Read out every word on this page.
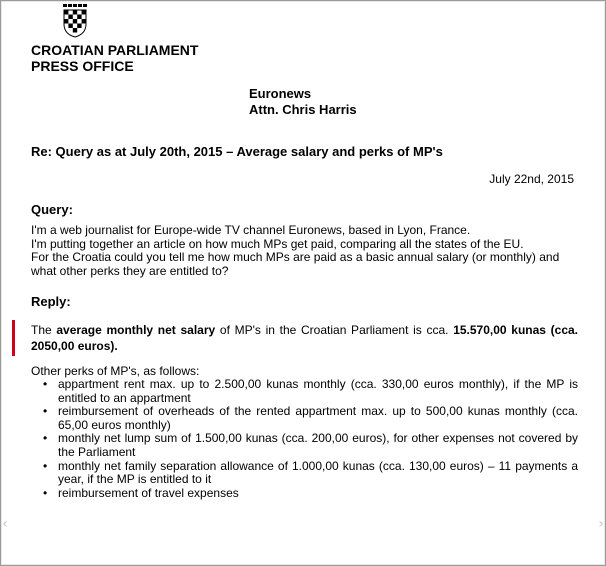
‹	›
CROATIAN PARLIAMENT
PRESS OFFICE
Euronews
Attn. Chris Harris
Re: Query as at July 20th, 2015 – Average salary and perks of MP's
July 22nd, 2015
Query:

I'm a web journalist for Europe-wide TV channel Euronews, based in Lyon, France.

I'm putting together an article on how much MPs get paid, comparing all the states of the EU.

For the Croatia could you tell me how much MPs are paid as a basic annual salary (or monthly) and what other perks they are entitled to?

Reply:
The average monthly net salary of MP's in the Croatian Parliament is cca. 15.570,00 kunas (cca. 2050,00 euros).
Other perks of MP's, as follows:
• appartment rent max. up to 2.500,00 kunas monthly (cca. 330,00 euros monthly), if the MP is entitled to an appartment
• reimbursement of overheads of the rented appartment max. up to 500,00 kunas monthly (cca. 65,00 euros monthly)
• monthly net lump sum of 1.500,00 kunas (cca. 200,00 euros), for other expenses not covered by the Parliament
• monthly net family separation allowance of 1.000,00 kunas (cca. 130,00 euros) – 11 payments a year, if the MP is entitled to it
• reimbursement of travel expenses
